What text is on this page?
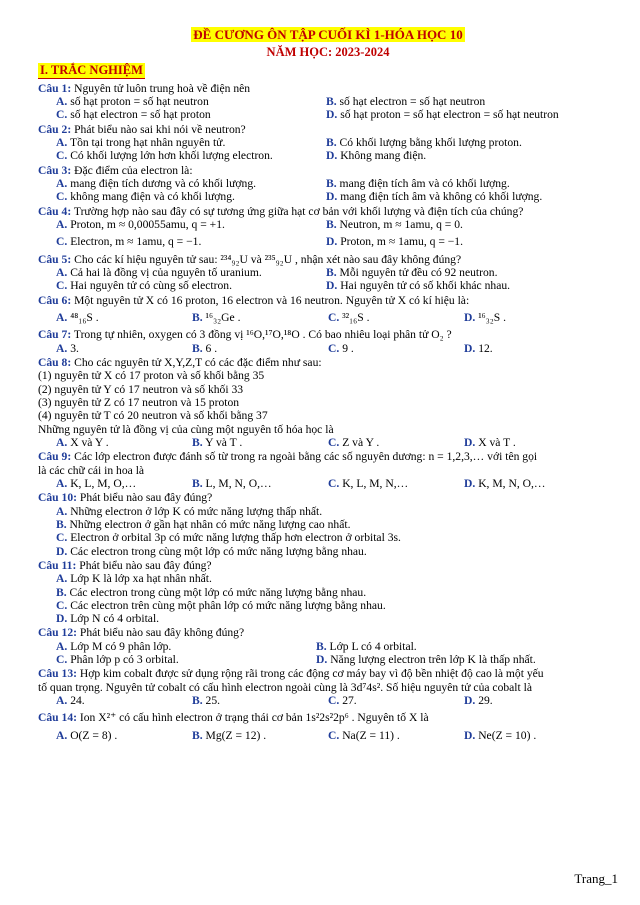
ĐỀ CƯƠNG ÔN TẬP CUỐI KÌ 1-HÓA HỌC 10
NĂM HỌC: 2023-2024
I. TRẮC NGHIỆM
Câu 1: Nguyên tử luôn trung hoà về điện nên
A. số hạt proton = số hạt neutron	B. số hạt electron = số hạt neutron
C. số hạt electron = số hạt proton	D. số hạt proton = số hạt electron = số hạt neutron
Câu 2: Phát biểu nào sai khi nói về neutron?
A. Tồn tại trong hạt nhân nguyên tử.	B. Có khối lượng bằng khối lượng proton.
C. Có khối lượng lớn hơn khối lượng electron.	D. Không mang điện.
Câu 3: Đặc điểm của electron là:
A. mang điện tích dương và có khối lượng.	B. mang điện tích âm và có khối lượng.
C. không mang điện và có khối lượng.	D. mang điện tích âm và không có khối lượng.
Câu 4: Trường hợp nào sau đây có sự tương ứng giữa hạt cơ bản với khối lượng và điện tích của chúng?
A. Proton, m ≈ 0,00055amu, q = +1.	B. Neutron, m ≈ 1amu, q = 0.
C. Electron, m ≈ 1amu, q = −1.	D. Proton, m ≈ 1amu, q = −1.
Câu 5: Cho các kí hiệu nguyên tử sau: ²³⁴₉₂U và ²³⁵₉₂U , nhận xét nào sau đây không đúng?
A. Cả hai là đồng vị của nguyên tố uranium.	B. Mỗi nguyên tử đều có 92 neutron.
C. Hai nguyên tử có cùng số electron.	D. Hai nguyên tử có số khối khác nhau.
Câu 6: Một nguyên tử X có 16 proton, 16 electron và 16 neutron. Nguyên tử X có kí hiệu là:
A. ⁴⁸₁₆S .	B. ¹⁶₃₂Ge .	C. ³²₁₆S .	D. ¹⁶₃₂S .
Câu 7: Trong tự nhiên, oxygen có 3 đồng vị ¹⁶O,¹⁷O,¹⁸O . Có bao nhiêu loại phân tử O₂ ?
A. 3.	B. 6 .	C. 9 .	D. 12.
Câu 8: Cho các nguyên tử X,Y,Z,T có các đặc điểm như sau:
(1) nguyên tử X có 17 proton và số khối bằng 35
(2) nguyên tử Y có 17 neutron và số khối 33
(3) nguyên tử Z có 17 neutron và 15 proton
(4) nguyên tử T có 20 neutron và số khối bằng 37
Những nguyên tử là đồng vị của cùng một nguyên tố hóa học là
A. X và Y .	B. Y và T .	C. Z và Y .	D. X và T .
Câu 9: Các lớp electron được đánh số từ trong ra ngoài bằng các số nguyên dương: n = 1,2,3,… với tên gọi
là các chữ cái in hoa là
A. K, L, M, O,…	B. L, M, N, O,…	C. K, L, M, N,…	D. K, M, N, O,…
Câu 10: Phát biểu nào sau đây đúng?
A. Những electron ở lớp K có mức năng lượng thấp nhất.
B. Những electron ở gần hạt nhân có mức năng lượng cao nhất.
C. Electron ở orbital 3p có mức năng lượng thấp hơn electron ở orbital 3s.
D. Các electron trong cùng một lớp có mức năng lượng bằng nhau.
Câu 11: Phát biểu nào sau đây đúng?
A. Lớp K là lớp xa hạt nhân nhất.
B. Các electron trong cùng một lớp có mức năng lượng bằng nhau.
C. Các electron trên cùng một phân lớp có mức năng lượng bằng nhau.
D. Lớp N có 4 orbital.
Câu 12: Phát biểu nào sau đây không đúng?
A. Lớp M có 9 phân lớp.	B. Lớp L có 4 orbital.
C. Phân lớp p có 3 orbital.	D. Năng lượng electron trên lớp K là thấp nhất.
Câu 13: Hợp kim cobalt được sử dụng rộng rãi trong các động cơ máy bay vì độ bền nhiệt độ cao là một yếu
tố quan trọng. Nguyên tử cobalt có cấu hình electron ngoài cùng là 3d⁷4s². Số hiệu nguyên tử của cobalt là
A. 24.	B. 25.	C. 27.	D. 29.
Câu 14: Ion X²⁺ có cấu hình electron ở trạng thái cơ bản 1s²2s²2p⁶ . Nguyên tố X là
A. O(Z = 8) .	B. Mg(Z = 12) .	C. Na(Z = 11) .	D. Ne(Z = 10) .
Trang_1
